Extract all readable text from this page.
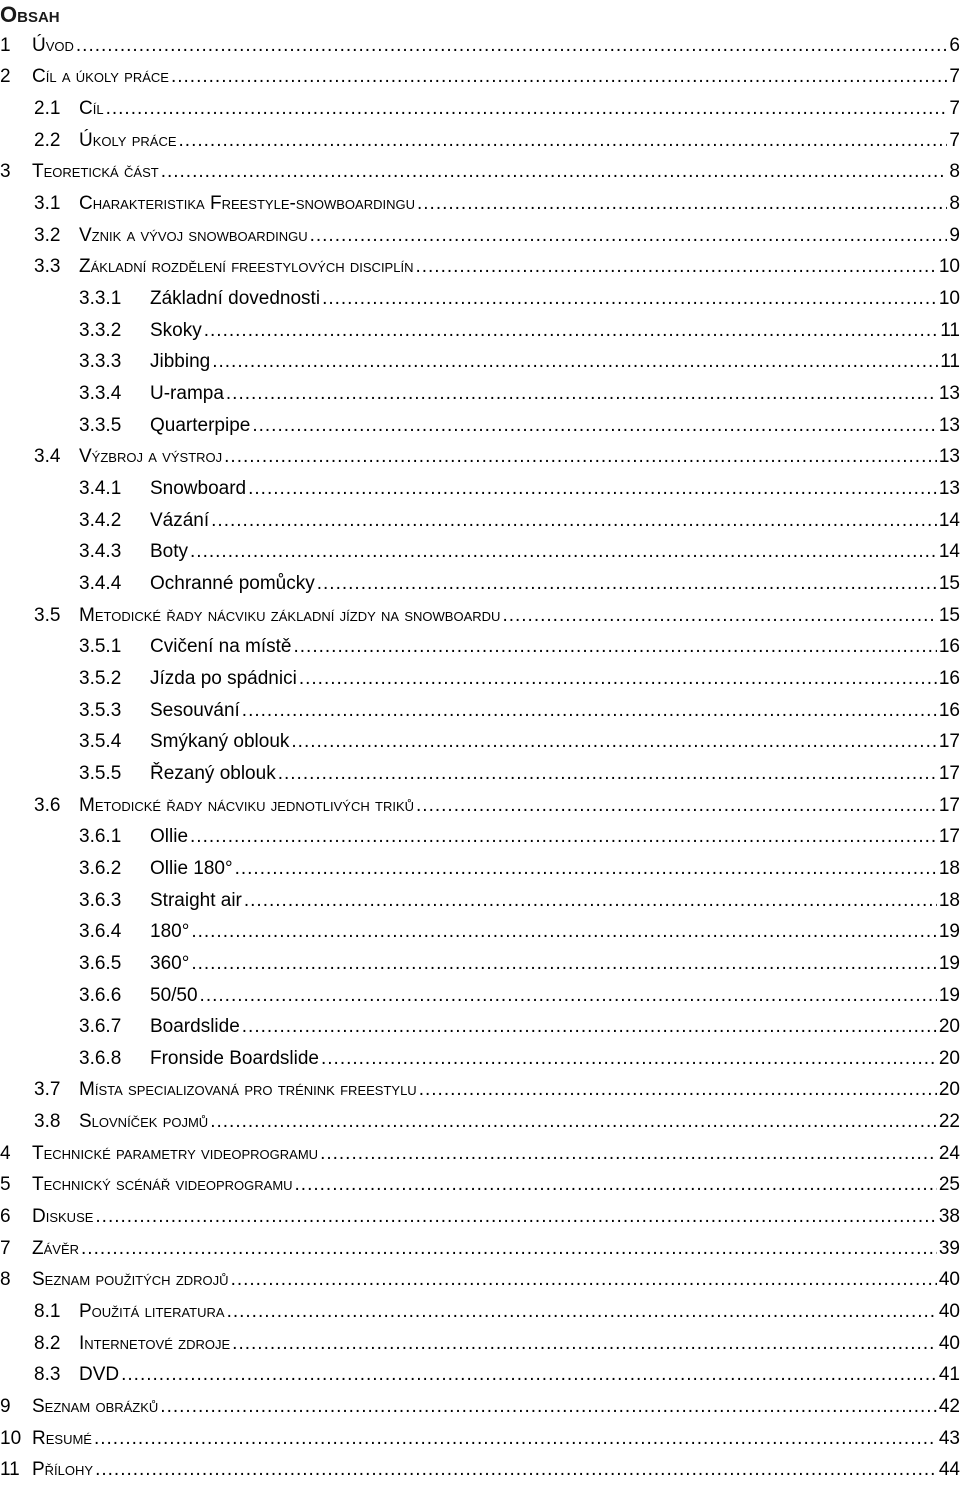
Obsah
1	Úvod .....	6
2	Cíl a úkoly práce .....	7
2.1 Cíl .....	7
2.2 Úkoly práce .....	7
3	Teoretická část .....	8
3.1 Charakteristika Freestyle-snowboardingu .....	8
3.2 Vznik a vývoj snowboardingu .....	9
3.3 Základní rozdělení freestylových disciplín .....	10
3.3.1	Základní dovednosti .....	10
3.3.2	Skoky .....	11
3.3.3	Jibbing .....	11
3.3.4	U-rampa .....	13
3.3.5	Quarterpipe .....	13
3.4 Výzbroj a výstroj .....	13
3.4.1	Snowboard .....	13
3.4.2	Vázání .....	14
3.4.3	Boty .....	14
3.4.4	Ochranné pomůcky .....	15
3.5 Metodické řady nácviku základní jízdy na snowboardu .....	15
3.5.1	Cvičení na místě .....	16
3.5.2	Jízda po spádnici .....	16
3.5.3	Sesouvání .....	16
3.5.4	Smýkaný oblouk .....	17
3.5.5	Řezaný oblouk .....	17
3.6 Metodické řady nácviku jednotlivých triků .....	17
3.6.1	Ollie .....	17
3.6.2	Ollie 180° .....	18
3.6.3	Straight air .....	18
3.6.4	180° .....	19
3.6.5	360° .....	19
3.6.6	50/50 .....	19
3.6.7	Boardslide .....	20
3.6.8	Fronside Boardslide .....	20
3.7 Místa specializovaná pro trénink freestylu .....	20
3.8 Slovníček pojmů .....	22
4	Technické parametry videoprogramu .....	24
5	Technický scénář videoprogramu .....	25
6	Diskuse .....	38
7	Závěr .....	39
8	Seznam použitých zdrojů .....	40
8.1 Použitá literatura .....	40
8.2 Internetové zdroje .....	40
8.3 DVD .....	41
9	Seznam obrázků .....	42
10 Resumé .....	43
11 Přílohy .....	44
